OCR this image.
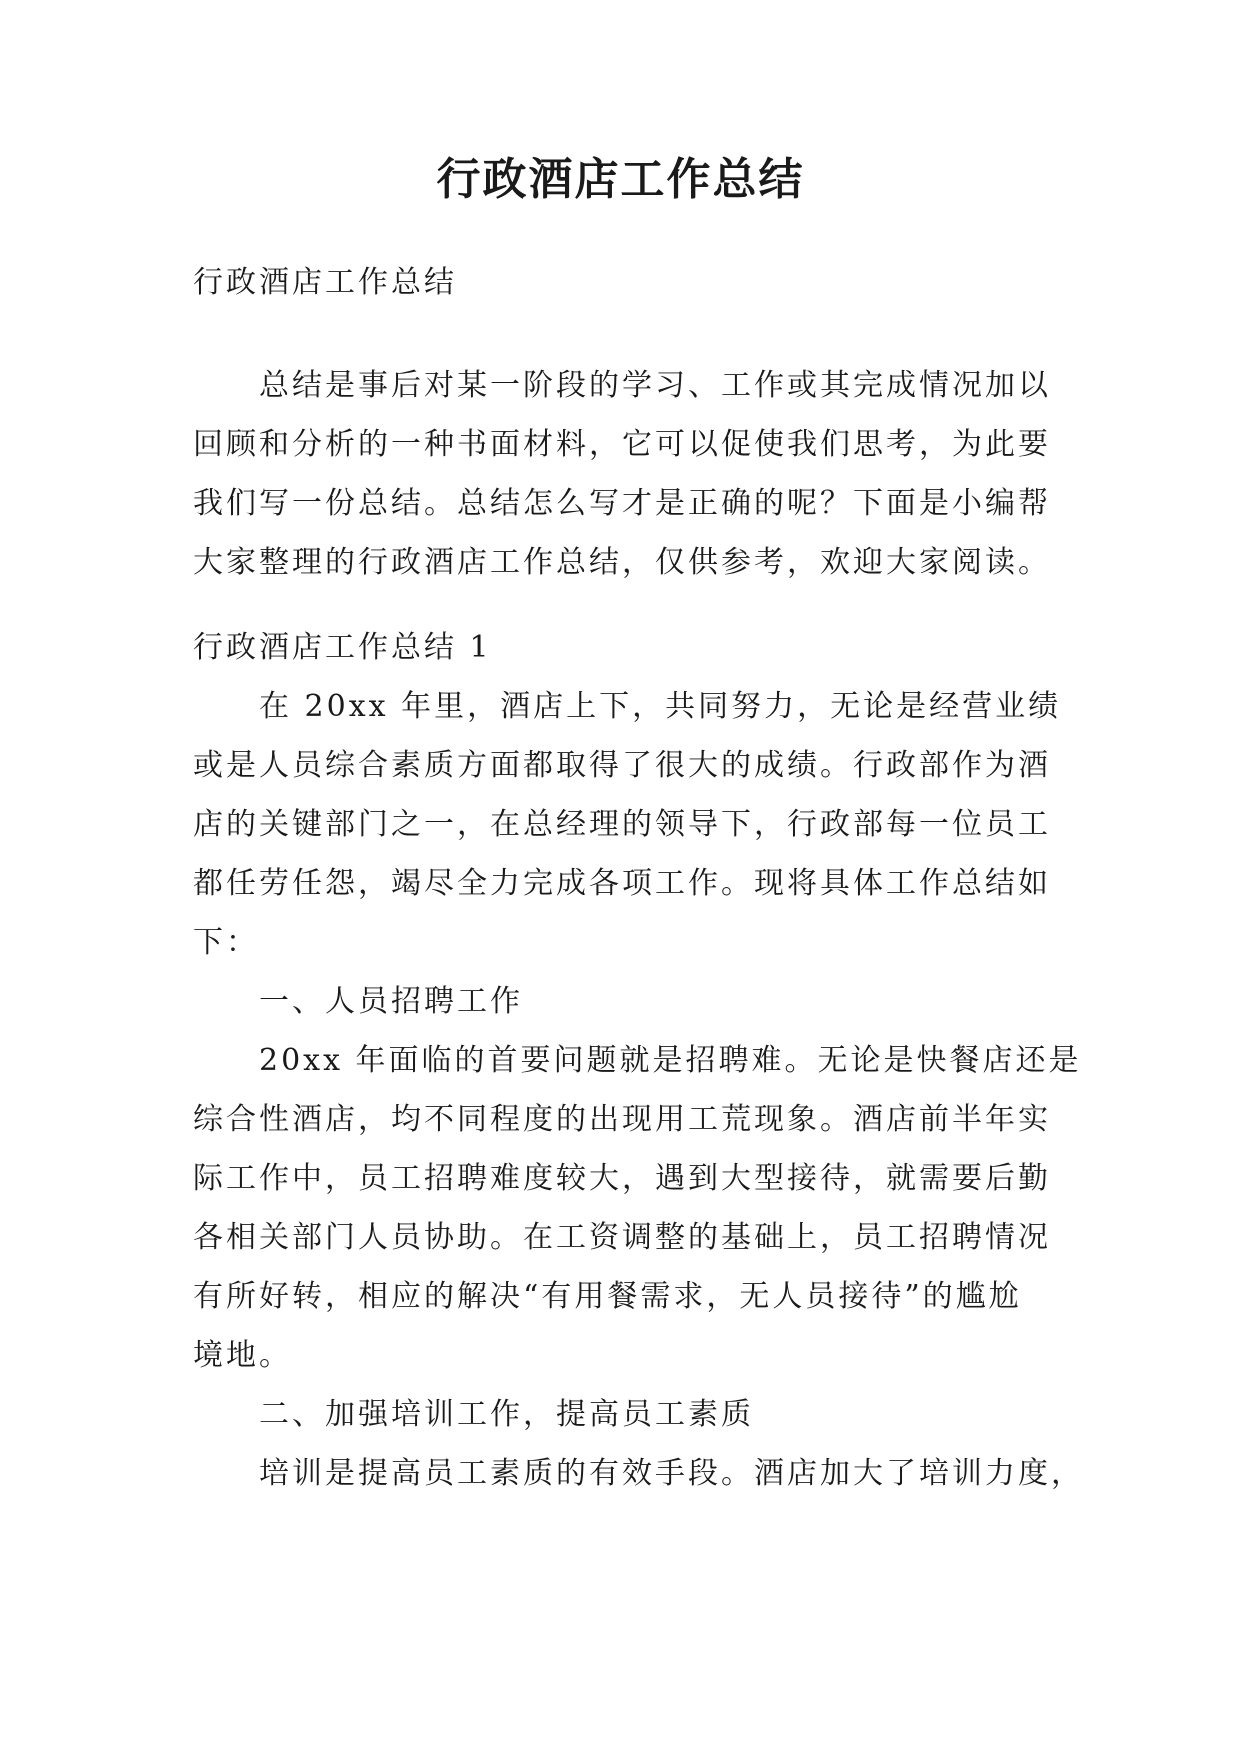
行政酒店工作总结
行政酒店工作总结
　　总结是事后对某一阶段的学习、工作或其完成情况加以
回顾和分析的一种书面材料，它可以促使我们思考，为此要
我们写一份总结。总结怎么写才是正确的呢？下面是小编帮
大家整理的行政酒店工作总结，仅供参考，欢迎大家阅读。
行政酒店工作总结 1
　　在 20xx 年里，酒店上下，共同努力，无论是经营业绩
或是人员综合素质方面都取得了很大的成绩。行政部作为酒
店的关键部门之一，在总经理的领导下，行政部每一位员工
都任劳任怨，竭尽全力完成各项工作。现将具体工作总结如
下：
　　一、人员招聘工作
　　20xx 年面临的首要问题就是招聘难。无论是快餐店还是
综合性酒店，均不同程度的出现用工荒现象。酒店前半年实
际工作中，员工招聘难度较大，遇到大型接待，就需要后勤
各相关部门人员协助。在工资调整的基础上，员工招聘情况
有所好转，相应的解决“有用餐需求，无人员接待”的尴尬
境地。
　　二、加强培训工作，提高员工素质
　　培训是提高员工素质的有效手段。酒店加大了培训力度，
